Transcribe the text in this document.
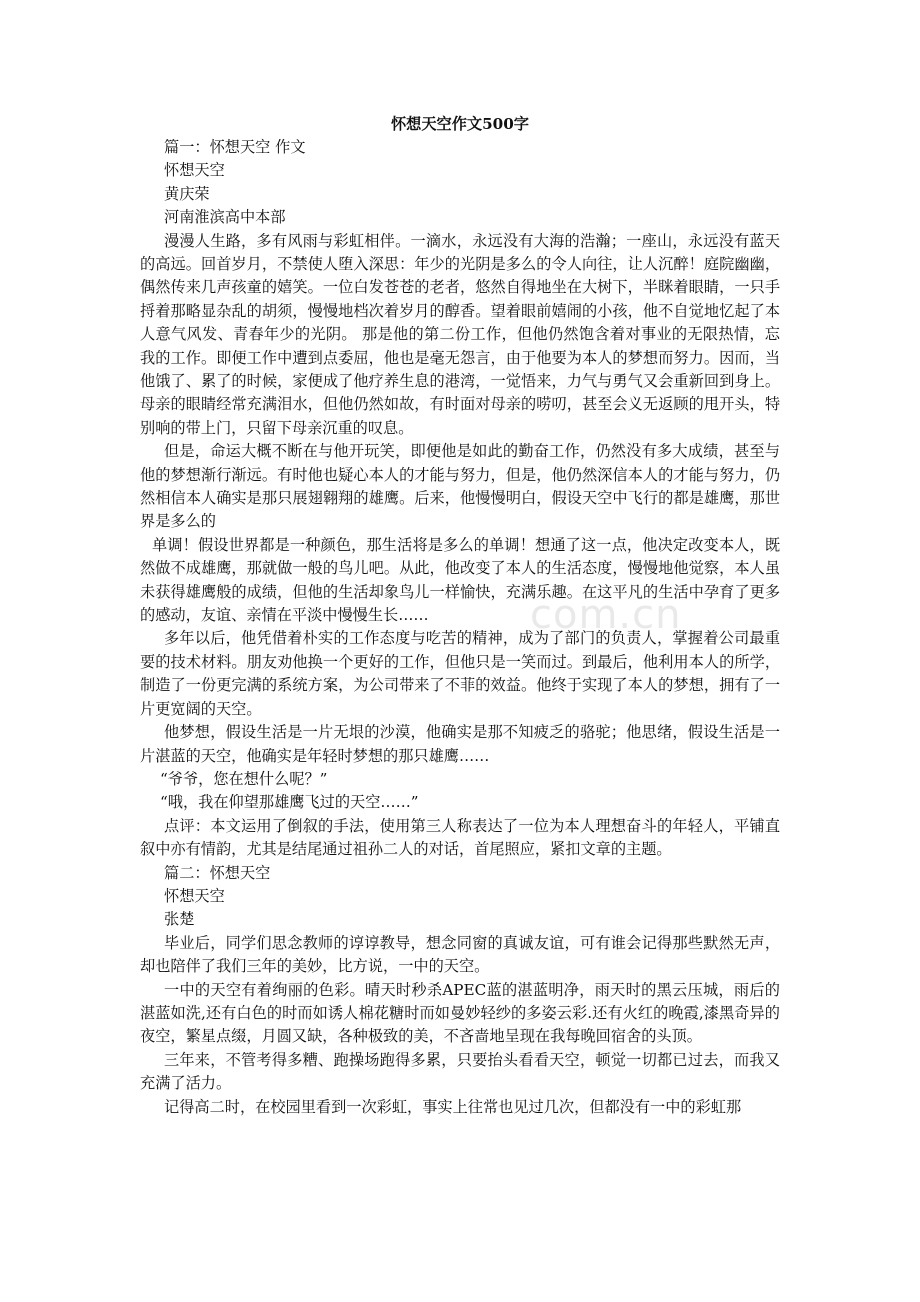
com.cn
怀想天空作文500字

篇一：怀想天空 作文

怀想天空

黄庆荣

河南淮滨高中本部

漫漫人生路，多有风雨与彩虹相伴。一滴水，永远没有大海的浩瀚；一座山，永远没有蓝天的高远。回首岁月，不禁使人堕入深思：年少的光阴是多么的令人向往，让人沉醉！庭院幽幽，偶然传来几声孩童的嬉笑。一位白发苍苍的老者，悠然自得地坐在大树下，半眯着眼睛，一只手捋着那略显杂乱的胡须，慢慢地档次着岁月的醇香。望着眼前嬉闹的小孩，他不自觉地忆起了本人意气风发、青春年少的光阴。 那是他的第二份工作，但他仍然饱含着对事业的无限热情，忘我的工作。即便工作中遭到点委屈，他也是毫无怨言，由于他要为本人的梦想而努力。因而，当他饿了、累了的时候，家便成了他疗养生息的港湾，一觉悟来，力气与勇气又会重新回到身上。母亲的眼睛经常充满泪水，但他仍然如故，有时面对母亲的唠叨，甚至会义无返顾的甩开头，特别响的带上门，只留下母亲沉重的叹息。

但是，命运大概不断在与他开玩笑，即便他是如此的勤奋工作，仍然没有多大成绩，甚至与他的梦想渐行渐远。有时他也疑心本人的才能与努力，但是，他仍然深信本人的才能与努力，仍然相信本人确实是那只展翅翱翔的雄鹰。后来，他慢慢明白，假设天空中飞行的都是雄鹰，那世界是多么的

单调！假设世界都是一种颜色，那生活将是多么的单调！想通了这一点，他决定改变本人，既然做不成雄鹰，那就做一般的鸟儿吧。从此，他改变了本人的生活态度，慢慢地他觉察，本人虽未获得雄鹰般的成绩，但他的生活却象鸟儿一样愉快，充满乐趣。在这平凡的生活中孕育了更多的感动，友谊、亲情在平淡中慢慢生长……

多年以后，他凭借着朴实的工作态度与吃苦的精神，成为了部门的负责人，掌握着公司最重要的技术材料。朋友劝他换一个更好的工作，但他只是一笑而过。到最后，他利用本人的所学，制造了一份更完满的系统方案，为公司带来了不菲的效益。他终于实现了本人的梦想，拥有了一片更宽阔的天空。

他梦想，假设生活是一片无垠的沙漠，他确实是那不知疲乏的骆驼；他思绪，假设生活是一片湛蓝的天空，他确实是年轻时梦想的那只雄鹰……

“爷爷，您在想什么呢？”

“哦，我在仰望那雄鹰飞过的天空……”

点评：本文运用了倒叙的手法，使用第三人称表达了一位为本人理想奋斗的年轻人，平铺直叙中亦有情韵，尤其是结尾通过祖孙二人的对话，首尾照应，紧扣文章的主题。

篇二：怀想天空

怀想天空

张楚

毕业后，同学们思念教师的谆谆教导，想念同窗的真诚友谊，可有谁会记得那些默然无声，却也陪伴了我们三年的美妙，比方说，一中的天空。

一中的天空有着绚丽的色彩。晴天时秒杀APEC蓝的湛蓝明净，雨天时的黑云压城，雨后的湛蓝如洗,还有白色的时而如诱人棉花糖时而如曼妙轻纱的多姿云彩.还有火红的晚霞,漆黑奇异的夜空，繁星点缀，月圆又缺，各种极致的美，不吝啬地呈现在我每晚回宿舍的头顶。

三年来，不管考得多糟、跑操场跑得多累，只要抬头看看天空，顿觉一切都已过去，而我又充满了活力。

记得高二时，在校园里看到一次彩虹，事实上往常也见过几次，但都没有一中的彩虹那
